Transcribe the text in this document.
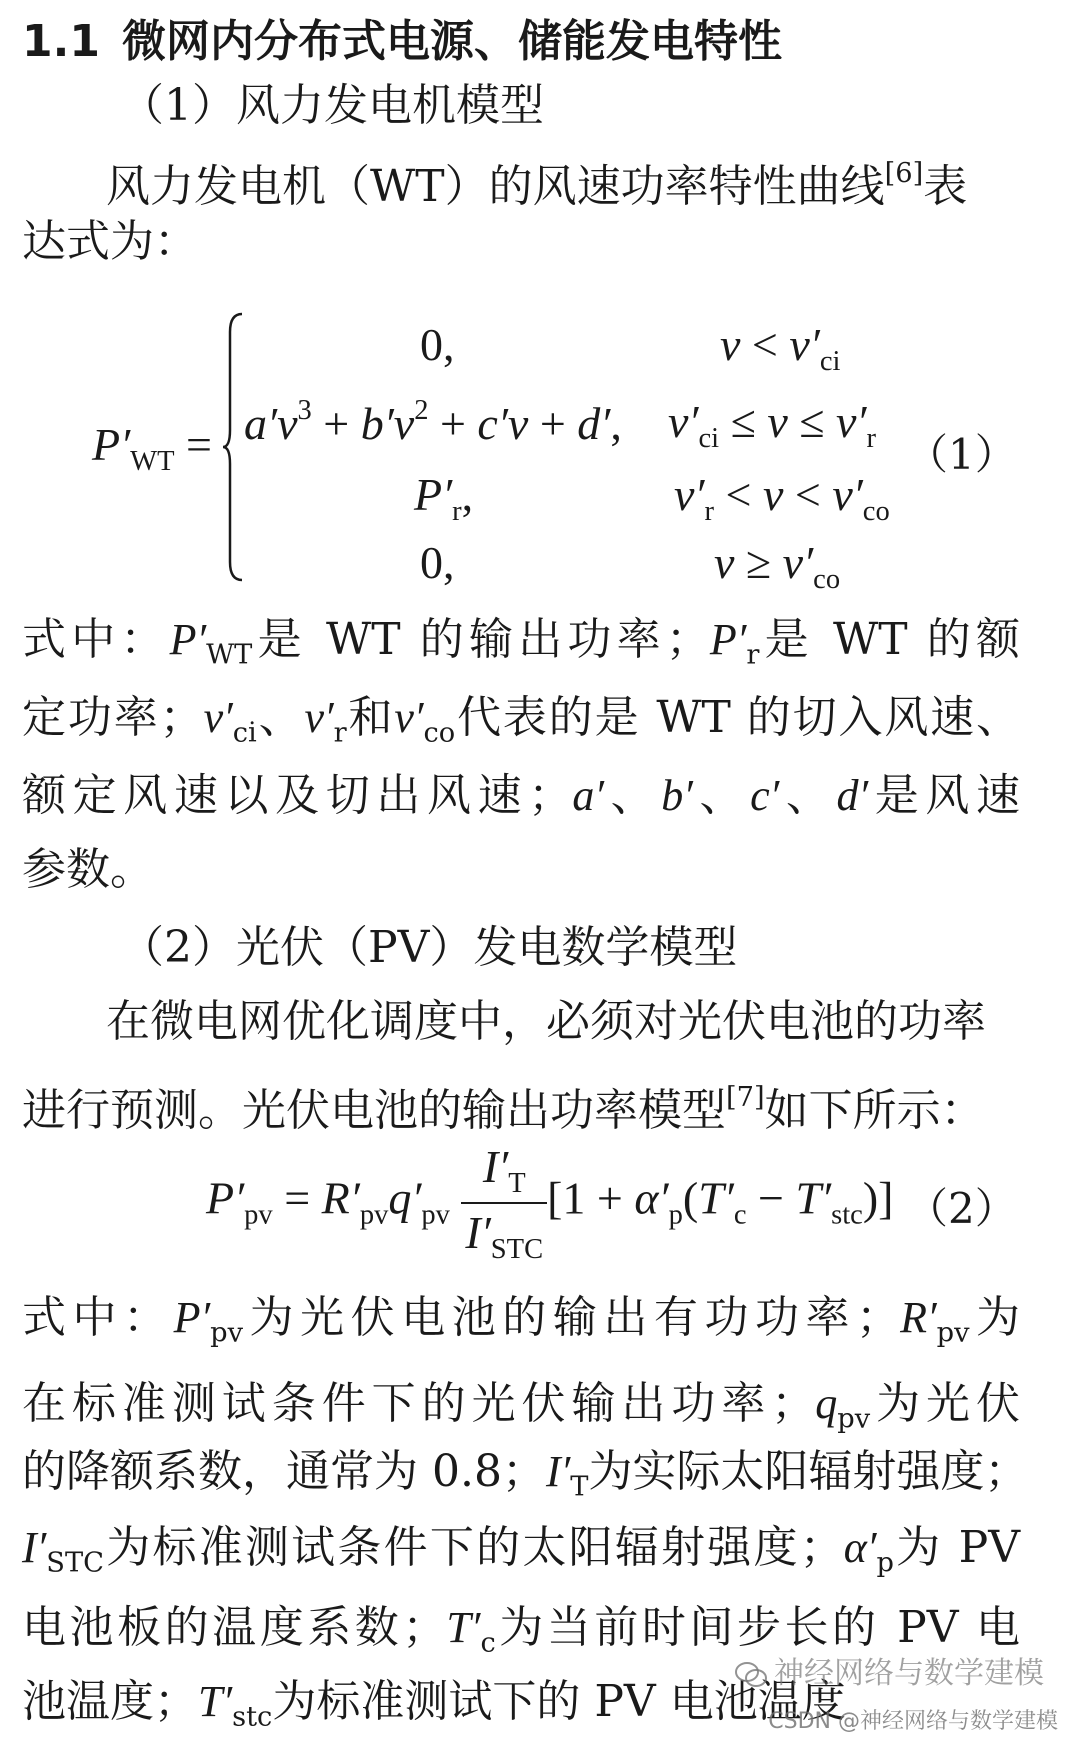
1.1 微网内分布式电源、储能发电特性
（1）风力发电机模型
风力发电机（WT）的风速功率特性曲线[6]表
达式为：
$P'_{WT}$ =
0,	$v < v'_{ci}$
$a'v^3 + b'v^2 + c'v + d'$, $v'_{ci} \le v \le v'_r$
$P'_r$,	$v'_r < v < v'_{co}$
0,	$v \ge v'_{co}$
（1）
式中：$P'_{WT}$是 WT 的输出功率；$P'_r$是 WT 的额
定功率；$v'_{ci}$、$v'_r$和$v'_{co}$代表的是 WT 的切入风速、
额定风速以及切出风速；a′、b′、c′、d′是风速
参数。
（2）光伏（PV）发电数学模型
在微电网优化调度中，必须对光伏电池的功率
进行预测。光伏电池的输出功率模型[7]如下所示：
$P'_{pv} = R'_{pv}q'_{pv} \frac{I'_T}{I'_{STC}} [1 + \alpha'_p(T'_c - T'_{stc})]$ （2）
式中：$P'_{pv}$为光伏电池的输出有功功率；$R'_{pv}$为
在标准测试条件下的光伏输出功率；$q_{pv}$为光伏
的降额系数，通常为 0.8；$I'_T$为实际太阳辐射强度；
$I'_{STC}$为标准测试条件下的太阳辐射强度；$\alpha'_p$为 PV
电池板的温度系数；$T'_c$为当前时间步长的 PV 电
池温度；$T'_{stc}$为标准测试下的 PV 电池温度
神经网络与数学建模
CSDN @神经网络与数学建模
